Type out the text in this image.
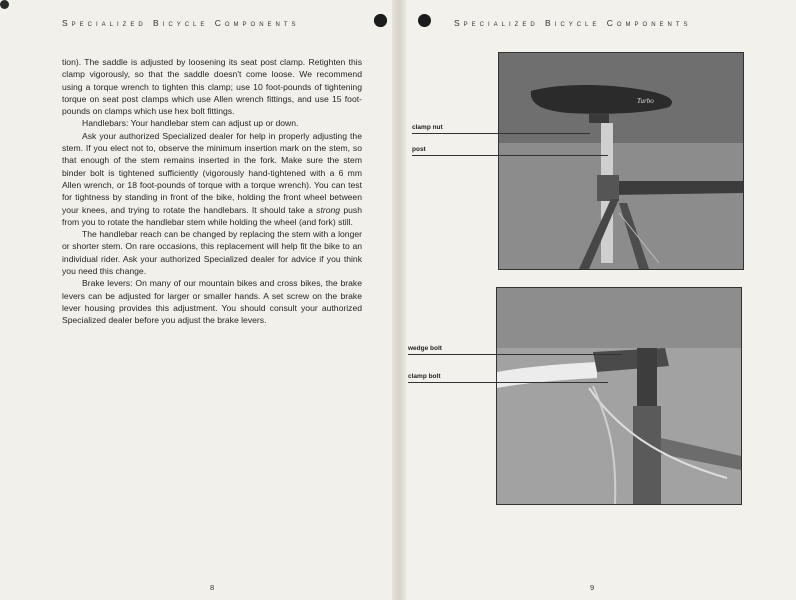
Specialized Bicycle Components

tion). The saddle is adjusted by loosening its seat post clamp. Retighten this clamp vigorously, so that the saddle doesn't come loose. We recommend using a torque wrench to tighten this clamp; use 10 foot-pounds of tightening torque on seat post clamps which use Allen wrench fittings, and use 15 foot-pounds on clamps which use hex bolt fittings.

Handlebars: Your handlebar stem can adjust up or down.

Ask your authorized Specialized dealer for help in properly adjusting the stem. If you elect not to, observe the minimum insertion mark on the stem, so that enough of the stem remains inserted in the fork. Make sure the stem binder bolt is tightened sufficiently (vigorously hand-tightened with a 6 mm Allen wrench, or 18 foot-pounds of torque with a torque wrench). You can test for tightness by standing in front of the bike, holding the front wheel between your knees, and trying to rotate the handlebars. It should take a strong push from you to rotate the handlebar stem while holding the wheel (and fork) still.

The handlebar reach can be changed by replacing the stem with a longer or shorter stem. On rare occasions, this replacement will help fit the bike to an individual rider. Ask your authorized Specialized dealer for advice if you think you need this change.

Brake levers: On many of our mountain bikes and cross bikes, the brake levers can be adjusted for larger or smaller hands. A set screw on the brake lever housing provides this adjustment. You should consult your authorized Specialized dealer before you adjust the brake levers.

8
Specialized Bicycle Components
Turbo
clamp nut
post
wedge bolt
clamp bolt
9
